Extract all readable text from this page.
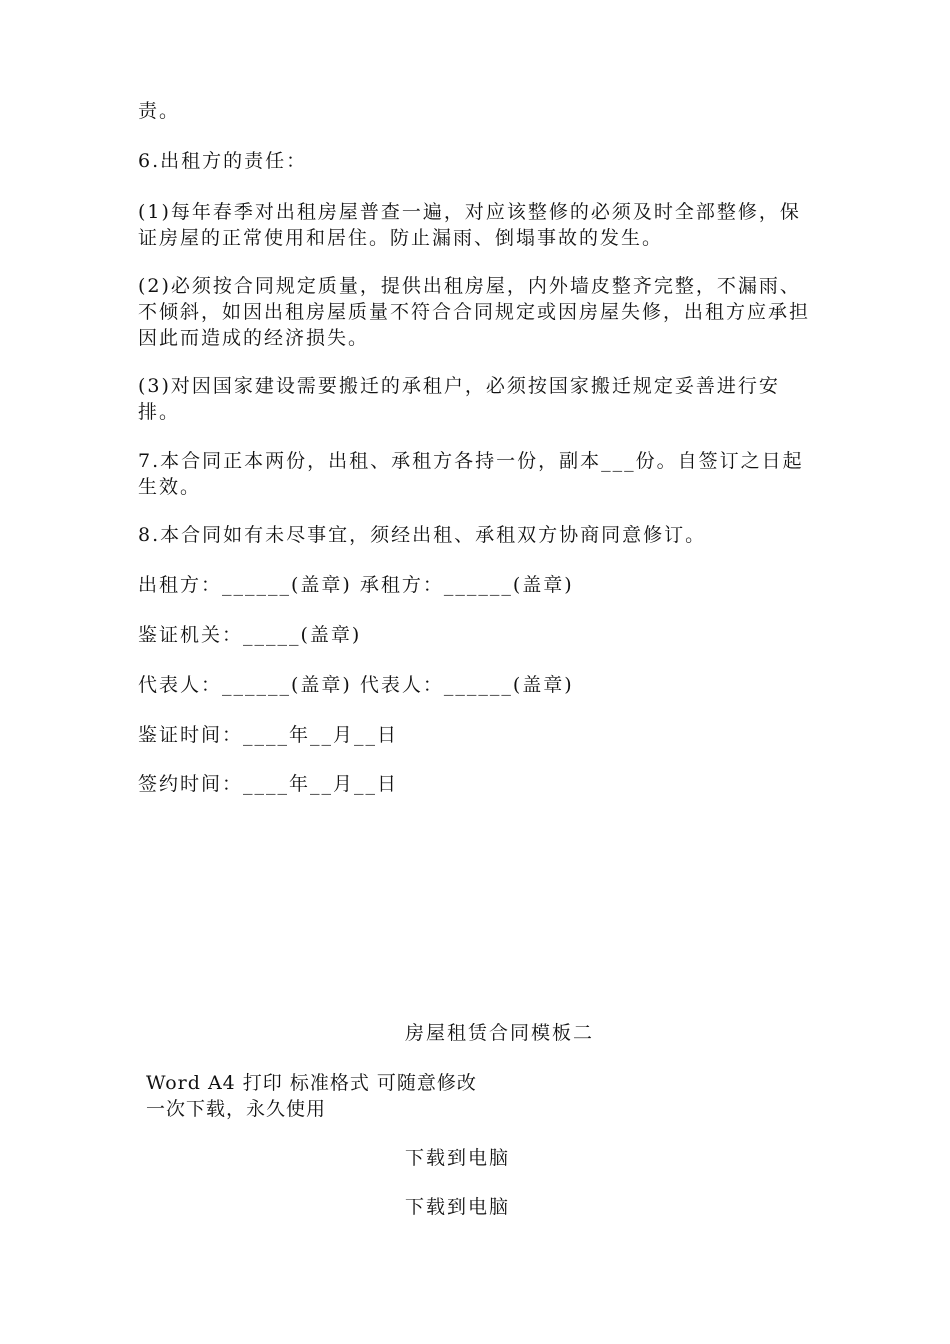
责。

6.出租方的责任：

(1)每年春季对出租房屋普查一遍，对应该整修的必须及时全部整修，保证房屋的正常使用和居住。防止漏雨、倒塌事故的发生。

(2)必须按合同规定质量，提供出租房屋，内外墙皮整齐完整，不漏雨、不倾斜，如因出租房屋质量不符合合同规定或因房屋失修，出租方应承担因此而造成的经济损失。

(3)对因国家建设需要搬迁的承租户，必须按国家搬迁规定妥善进行安排。

7.本合同正本两份，出租、承租方各持一份，副本___份。自签订之日起生效。

8.本合同如有未尽事宜，须经出租、承租双方协商同意修订。

出租方：______(盖章) 承租方：______(盖章)

鉴证机关：_____(盖章)

代表人：______(盖章) 代表人：______(盖章)

鉴证时间：____年__月__日

签约时间：____年__月__日

房屋租赁合同模板二
Word A4 打印 标准格式 可随意修改
一次下载，永久使用
下载到电脑
下载到电脑
